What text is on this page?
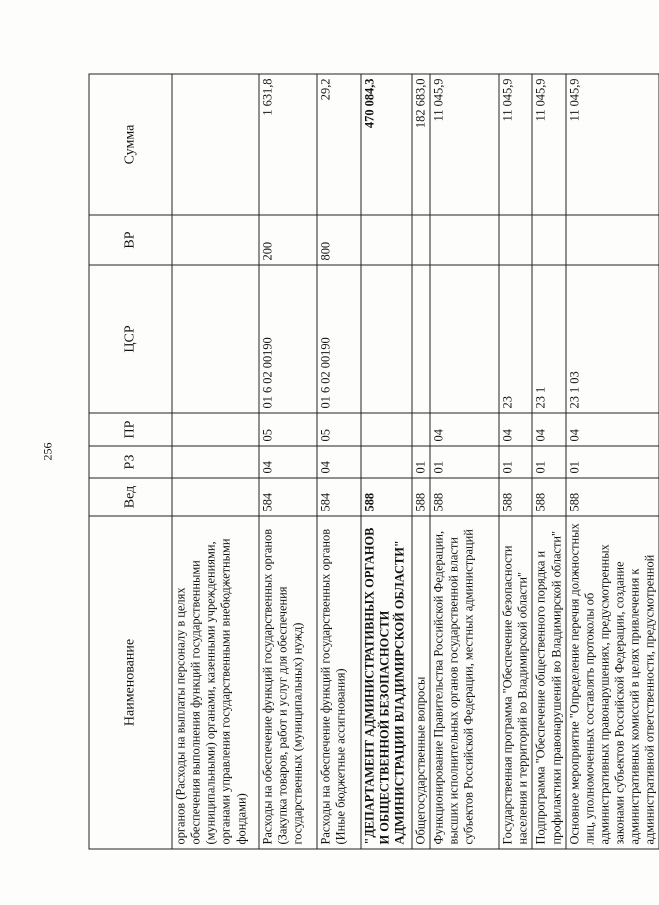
256
Наименование	Вед	РЗ	ПР	ЦСР	ВР	Сумма
органов (Расходы на выплаты персоналу в целях обеспечения выполнения функций государственными (муниципальными) органами, казенными учреждениями, органами управления государственными внебюджетными фондами)						
Расходы на обеспечение функций государственных органов (Закупка товаров, работ и услуг для обеспечения государственных (муниципальных) нужд)	584	04	05	01 6 02 00190	200	1 631,8
Расходы на обеспечение функций государственных органов (Иные бюджетные ассигнования)	584	04	05	01 6 02 00190	800	29,2
"ДЕПАРТАМЕНТ АДМИНИСТРАТИВНЫХ ОРГАНОВ И ОБЩЕСТВЕННОЙ БЕЗОПАСНОСТИ АДМИНИСТРАЦИИ ВЛАДИМИРСКОЙ ОБЛАСТИ"	588					470 084,3
Общегосударственные вопросы	588	01				182 683,0
Функционирование Правительства Российской Федерации, высших исполнительных органов государственной власти субъектов Российской Федерации, местных администраций	588	01	04			11 045,9
Государственная программа "Обеспечение безопасности населения и территорий во Владимирской области"	588	01	04	23		11 045,9
Подпрограмма "Обеспечение общественного порядка и профилактики правонарушений во Владимирской области"	588	01	04	23 1		11 045,9
Основное мероприятие "Определение перечня должностных лиц, уполномоченных составлять протоколы об административных правонарушениях, предусмотренных законами субъектов Российской Федерации, создание административных комиссий в целях привлечения к административной ответственности, предусмотренной	588	01	04	23 1 03		11 045,9
